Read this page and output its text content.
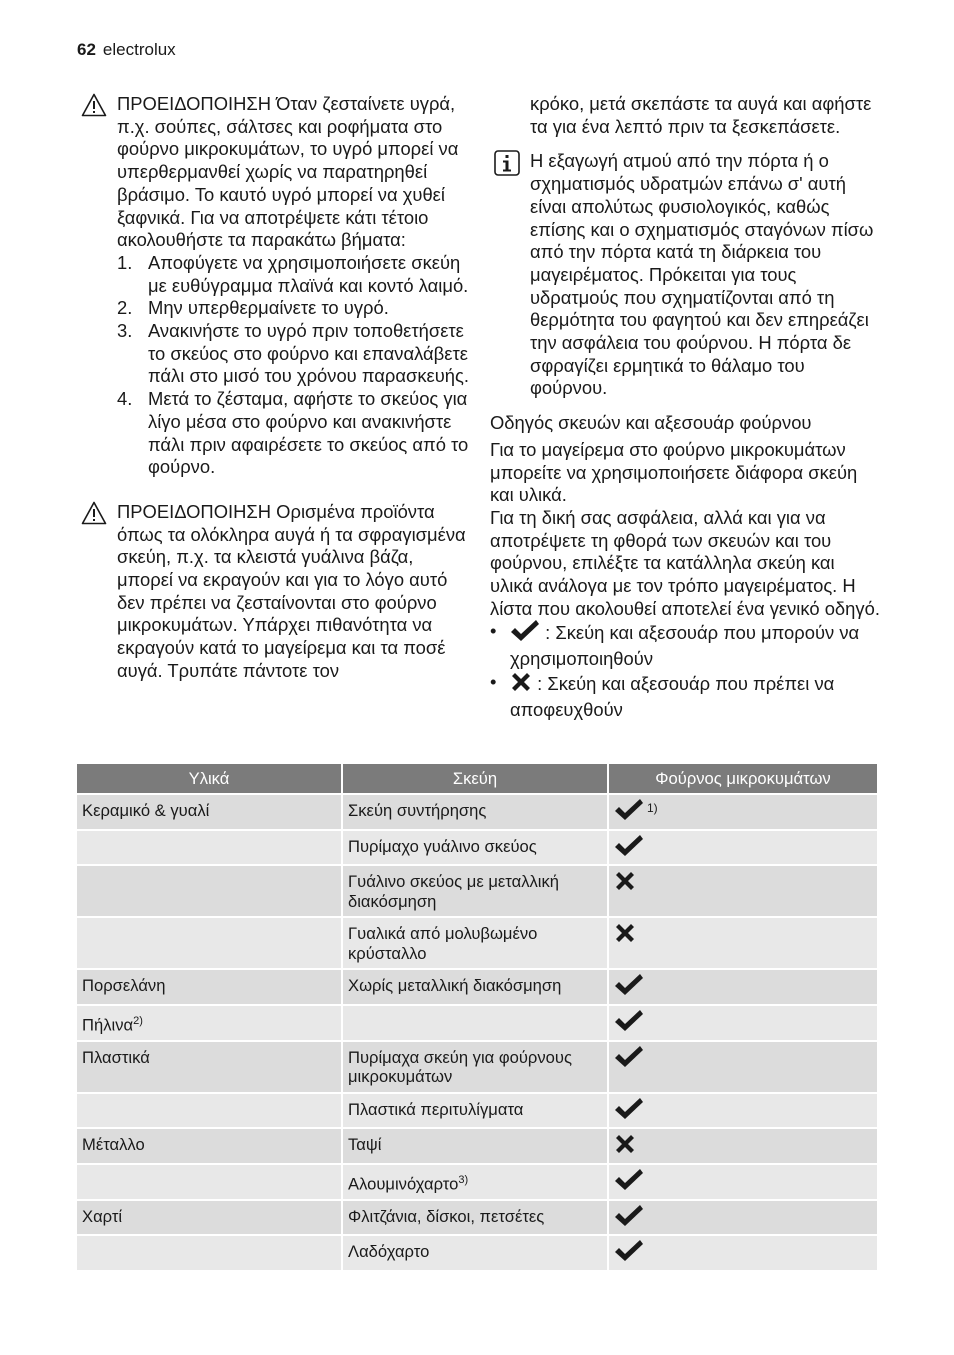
62 electrolux

ΠΡΟΕΙΔΟΠΟΙΗΣΗ Όταν ζεσταίνετε υγρά, π.χ. σούπες, σάλτσες και ροφήματα στο φούρνο μικροκυμάτων, το υγρό μπορεί να υπερθερμανθεί χωρίς να παρατηρηθεί βράσιμο. Το καυτό υγρό μπορεί να χυθεί ξαφνικά. Για να αποτρέψετε κάτι τέτοιο ακολουθήστε τα παρακάτω βήματα:

1. Αποφύγετε να χρησιμοποιήσετε σκεύη με ευθύγραμμα πλαϊνά και κοντό λαιμό.
2. Μην υπερθερμαίνετε το υγρό.
3. Ανακινήστε το υγρό πριν τοποθετήσετε το σκεύος στο φούρνο και επαναλάβετε πάλι στο μισό του χρόνου παρασκευής.
4. Μετά το ζέσταμα, αφήστε το σκεύος για λίγο μέσα στο φούρνο και ανακινήστε πάλι πριν αφαιρέσετε το σκεύος από το φούρνο.

ΠΡΟΕΙΔΟΠΟΙΗΣΗ Ορισμένα προϊόντα όπως τα ολόκληρα αυγά ή τα σφραγισμένα σκεύη, π.χ. τα κλειστά γυάλινα βάζα, μπορεί να εκραγούν και για το λόγο αυτό δεν πρέπει να ζεσταίνονται στο φούρνο μικροκυμάτων. Υπάρχει πιθανότητα να εκραγούν κατά το μαγείρεμα και τα ποσέ αυγά. Τρυπάτε πάντοτε τον

κρόκο, μετά σκεπάστε τα αυγά και αφήστε τα για ένα λεπτό πριν τα ξεσκεπάσετε.

Η εξαγωγή ατμού από την πόρτα ή ο σχηματισμός υδρατμών επάνω σ' αυτή είναι απολύτως φυσιολογικός, καθώς επίσης και ο σχηματισμός σταγόνων πίσω από την πόρτα κατά τη διάρκεια του μαγειρέματος. Πρόκειται για τους υδρατμούς που σχηματίζονται από τη θερμότητα του φαγητού και δεν επηρεάζει την ασφάλεια του φούρνου. Η πόρτα δε σφραγίζει ερμητικά το θάλαμο του φούρνου.

Οδηγός σκευών και αξεσουάρ φούρνου

Για το μαγείρεμα στο φούρνο μικροκυμάτων μπορείτε να χρησιμοποιήσετε διάφορα σκεύη και υλικά.

Για τη δική σας ασφάλεια, αλλά και για να αποτρέψετε τη φθορά των σκευών και του φούρνου, επιλέξτε τα κατάλληλα σκεύη και υλικά ανάλογα με τον τρόπο μαγειρέματος. Η λίστα που ακολουθεί αποτελεί ένα γενικό οδηγό.

• : Σκεύη και αξεσουάρ που μπορούν να χρησιμοποιηθούν
• : Σκεύη και αξεσουάρ που πρέπει να αποφευχθούν
Υλικά	Σκεύη	Φούρνος μικροκυμάτων
Κεραμικό & γυαλί	Σκεύη συντήρησης	$^{1)}$
	Πυρίμαχο γυάλινο σκεύος	
	Γυάλινο σκεύος με μεταλλική διακόσμηση	
	Γυαλικά από μολυβωμένο κρύσταλλο	
Πορσελάνη	Χωρίς μεταλλική διακόσμηση	
Πήλινα$^{2)}$		
Πλαστικά	Πυρίμαχα σκεύη για φούρνους μικροκυμάτων	
	Πλαστικά περιτυλίγματα	
Μέταλλο	Ταψί	
	Αλουμινόχαρτο$^{3)}$	
Χαρτί	Φλιτζάνια, δίσκοι, πετσέτες	
	Λαδόχαρτο	
